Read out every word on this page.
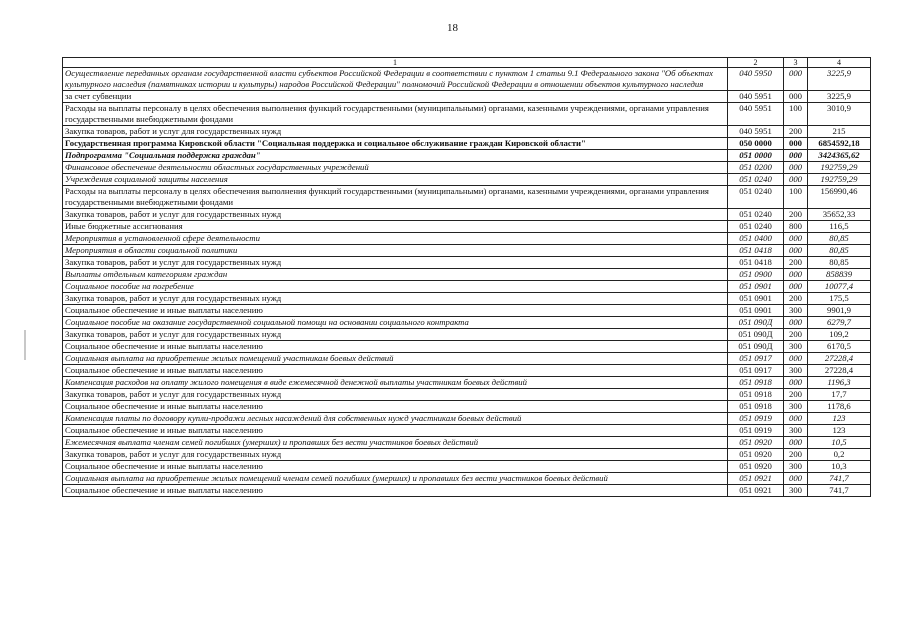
18
1	2	3	4
Осуществление переданных органам государственной власти субъектов Российской Федерации в соответствии с пунктом 1 статьи 9.1 Федерального закона "Об объектах культурного наследия (памятниках истории и культуры) народов Российской Федерации" полномочий Российской Федерации в отношении объектов культурного наследия	040 5950	000	3225,9
за счет субвенции	040 5951	000	3225,9
Расходы на выплаты персоналу в целях обеспечения выполнения функций государственными (муниципальными) органами, казенными учреждениями, органами управления государственными внебюджетными фондами	040 5951	100	3010,9
Закупка товаров, работ и услуг для государственных нужд	040 5951	200	215
Государственная программа Кировской области "Социальная поддержка и социальное обслуживание граждан Кировской области"	050 0000	000	6854592,18
Подпрограмма "Социальная поддержка граждан"	051 0000	000	3424365,62
Финансовое обеспечение деятельности областных государственных учреждений	051 0200	000	192759,29
Учреждения социальной защиты населения	051 0240	000	192759,29
Расходы на выплаты персоналу в целях обеспечения выполнения функций государственными (муниципальными) органами, казенными учреждениями, органами управления государственными внебюджетными фондами	051 0240	100	156990,46
Закупка товаров, работ и услуг для государственных нужд	051 0240	200	35652,33
Иные бюджетные ассигнования	051 0240	800	116,5
Мероприятия в установленной сфере деятельности	051 0400	000	80,85
Мероприятия в области социальной политики	051 0418	000	80,85
Закупка товаров, работ и услуг для государственных нужд	051 0418	200	80,85
Выплаты отдельным категориям граждан	051 0900	000	858839
Социальное пособие на погребение	051 0901	000	10077,4
Закупка товаров, работ и услуг для государственных нужд	051 0901	200	175,5
Социальное обеспечение и иные выплаты населению	051 0901	300	9901,9
Социальное пособие на оказание государственной социальной помощи на основании социального контракта	051 090Д	000	6279,7
Закупка товаров, работ и услуг для государственных нужд	051 090Д	200	109,2
Социальное обеспечение и иные выплаты населению	051 090Д	300	6170,5
Социальная выплата на приобретение жилых помещений участникам боевых действий	051 0917	000	27228,4
Социальное обеспечение и иные выплаты населению	051 0917	300	27228,4
Компенсация расходов на оплату жилого помещения в виде ежемесячной денежной выплаты участникам боевых действий	051 0918	000	1196,3
Закупка товаров, работ и услуг для государственных нужд	051 0918	200	17,7
Социальное обеспечение и иные выплаты населению	051 0918	300	1178,6
Компенсация платы по договору купли-продажи лесных насаждений для собственных нужд участникам боевых действий	051 0919	000	123
Социальное обеспечение и иные выплаты населению	051 0919	300	123
Ежемесячная выплата членам семей погибших (умерших) и пропавших без вести участников боевых действий	051 0920	000	10,5
Закупка товаров, работ и услуг для государственных нужд	051 0920	200	0,2
Социальное обеспечение и иные выплаты населению	051 0920	300	10,3
Социальная выплата на приобретение жилых помещений членам семей погибших (умерших) и пропавших без вести участников боевых действий	051 0921	000	741,7
Социальное обеспечение и иные выплаты населению	051 0921	300	741,7
